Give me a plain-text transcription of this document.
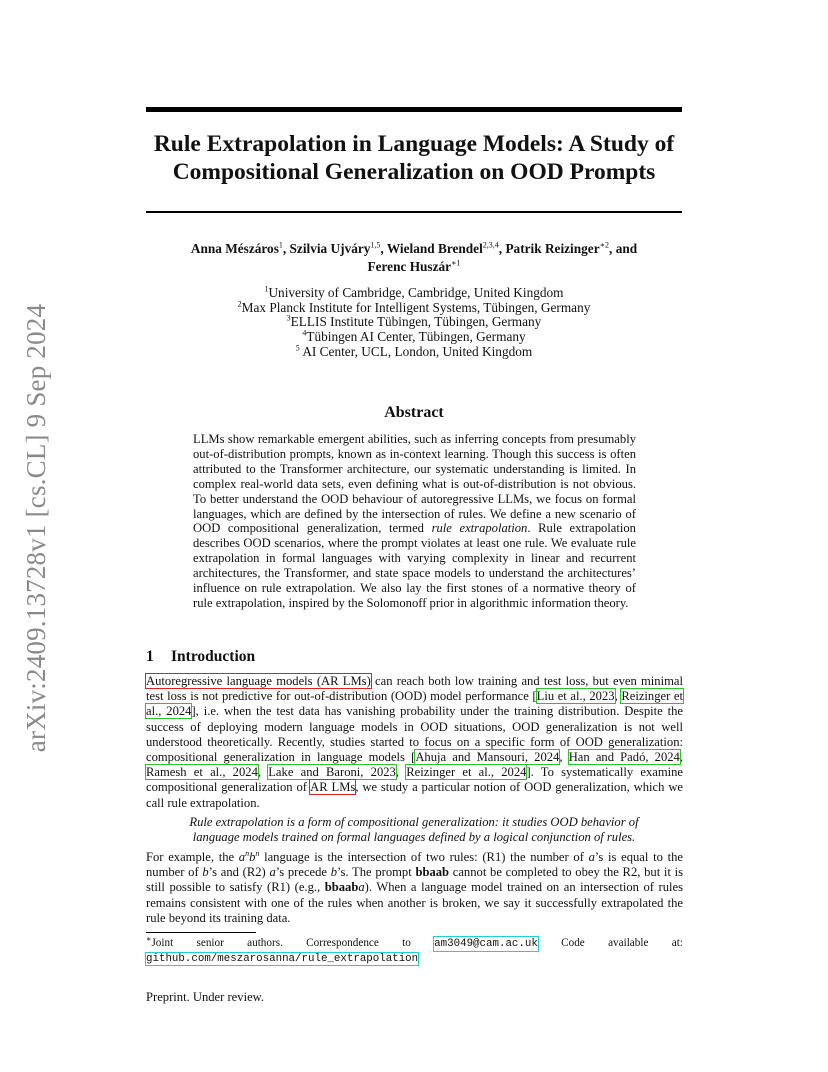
arXiv:2409.13728v1 [cs.CL] 9 Sep 2024
Rule Extrapolation in Language Models: A Study of
Compositional Generalization on OOD Prompts
Anna Mészáros$^1$, Szilvia Ujváry$^{1,5}$, Wieland Brendel$^{2,3,4}$, Patrik Reizinger$^{∗2}$, and
Ferenc Huszár$^{∗1}$
$^1$University of Cambridge, Cambridge, United Kingdom
$^2$Max Planck Institute for Intelligent Systems, Tübingen, Germany
$^3$ELLIS Institute Tübingen, Tübingen, Germany
$^4$Tübingen AI Center, Tübingen, Germany
$^5$ AI Center, UCL, London, United Kingdom
Abstract
LLMs show remarkable emergent abilities, such as inferring concepts from presumably out-of-distribution prompts, known as in-context learning. Though this success is often attributed to the Transformer architecture, our systematic understanding is limited. In complex real-world data sets, even defining what is out-of-distribution is not obvious. To better understand the OOD behaviour of autoregressive LLMs, we focus on formal languages, which are defined by the intersection of rules. We define a new scenario of OOD compositional generalization, termed rule extrapolation. Rule extrapolation describes OOD scenarios, where the prompt violates at least one rule. We evaluate rule extrapolation in formal languages with varying complexity in linear and recurrent architectures, the Transformer, and state space models to understand the architectures’ influence on rule extrapolation. We also lay the first stones of a normative theory of rule extrapolation, inspired by the Solomonoff prior in algorithmic information theory.
1 Introduction
Autoregressive language models (AR LMs) can reach both low training and test loss, but even minimal test loss is not predictive for out-of-distribution (OOD) model performance [Liu et al., 2023, Reizinger et al., 2024], i.e. when the test data has vanishing probability under the training distribution. Despite the success of deploying modern language models in OOD situations, OOD generalization is not well understood theoretically. Recently, studies started to focus on a specific form of OOD generalization: compositional generalization in language models [Ahuja and Mansouri, 2024, Han and Padó, 2024, Ramesh et al., 2024, Lake and Baroni, 2023, Reizinger et al., 2024]. To systematically examine compositional generalization of AR LMs, we study a particular notion of OOD generalization, which we call rule extrapolation.
Rule extrapolation is a form of compositional generalization: it studies OOD behavior of language models trained on formal languages defined by a logical conjunction of rules.
For example, the $a^nb^n$ language is the intersection of two rules: (R1) the number of a’s is equal to the number of b’s and (R2) a’s precede b’s. The prompt bbaab cannot be completed to obey the R2, but it is still possible to satisfy (R1) (e.g., bbaaba). When a language model trained on an intersection of rules remains consistent with one of the rules when another is broken, we say it successfully extrapolated the rule beyond its training data.
∗Joint senior authors. Correspondence to am3049@cam.ac.uk Code available at:
github.com/meszarosanna/rule_extrapolation
Preprint. Under review.
